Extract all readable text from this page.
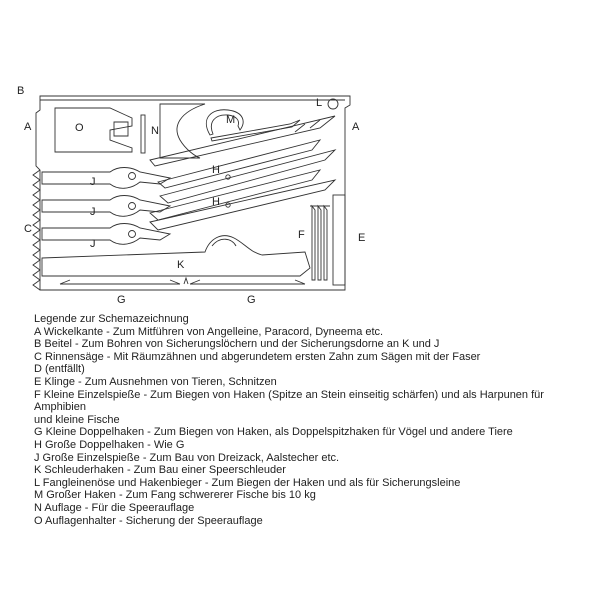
B
A	A
L
M
O	N
C
H
H
J
J
J
F	E
K
G	G
Legende zur Schemazeichnung
A Wickelkante - Zum Mitführen von Angelleine, Paracord, Dyneema etc.
B Beitel - Zum Bohren von Sicherungslöchern und der Sicherungsdorne an K und J
C Rinnensäge - Mit Räumzähnen und abgerundetem ersten Zahn zum Sägen mit der Faser
D (entfällt)
E Klinge - Zum Ausnehmen von Tieren, Schnitzen
F Kleine Einzelspieße - Zum Biegen von Haken (Spitze an Stein einseitig schärfen) und als Harpunen für Amphibien
und kleine Fische
G Kleine Doppelhaken - Zum Biegen von Haken, als Doppelspitzhaken für Vögel und andere Tiere
H Große Doppelhaken - Wie G
J Große Einzelspieße - Zum Bau von Dreizack, Aalstecher etc.
K Schleuderhaken - Zum Bau einer Speerschleuder
L Fangleinenöse und Hakenbieger - Zum Biegen der Haken und als für Sicherungsleine
M Großer Haken - Zum Fang schwererer Fische bis 10 kg
N Auflage - Für die Speerauflage
O Auflagenhalter - Sicherung der Speerauflage
